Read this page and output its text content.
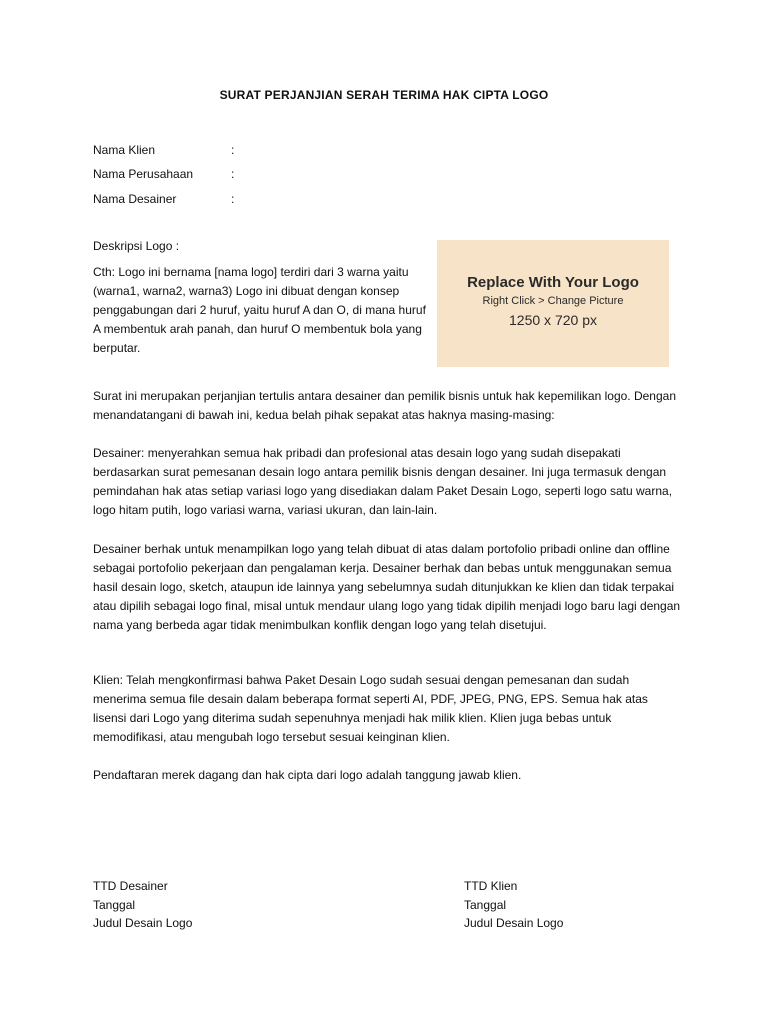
SURAT PERJANJIAN SERAH TERIMA HAK CIPTA LOGO
Nama Klien	:
Nama Perusahaan	:
Nama Desainer	:
Deskripsi Logo :
Cth: Logo ini bernama [nama logo] terdiri dari 3 warna yaitu (warna1, warna2, warna3) Logo ini dibuat dengan konsep penggabungan dari 2 huruf, yaitu huruf A dan O, di mana huruf A membentuk arah panah, dan huruf O membentuk bola yang berputar.
Replace With Your Logo
Right Click > Change Picture
1250 x 720 px

Surat ini merupakan perjanjian tertulis antara desainer dan pemilik bisnis untuk hak kepemilikan logo. Dengan menandatangani di bawah ini, kedua belah pihak sepakat atas haknya masing-masing:

Desainer: menyerahkan semua hak pribadi dan profesional atas desain logo yang sudah disepakati berdasarkan surat pemesanan desain logo antara pemilik bisnis dengan desainer. Ini juga termasuk dengan pemindahan hak atas setiap variasi logo yang disediakan dalam Paket Desain Logo, seperti logo satu warna, logo hitam putih, logo variasi warna, variasi ukuran, dan lain-lain.

Desainer berhak untuk menampilkan logo yang telah dibuat di atas dalam portofolio pribadi online dan offline sebagai portofolio pekerjaan dan pengalaman kerja. Desainer berhak dan bebas untuk menggunakan semua hasil desain logo, sketch, ataupun ide lainnya yang sebelumnya sudah ditunjukkan ke klien dan tidak terpakai atau dipilih sebagai logo final, misal untuk mendaur ulang logo yang tidak dipilih menjadi logo baru lagi dengan nama yang berbeda agar tidak menimbulkan konflik dengan logo yang telah disetujui.

Klien: Telah mengkonfirmasi bahwa Paket Desain Logo sudah sesuai dengan pemesanan dan sudah menerima semua file desain dalam beberapa format seperti AI, PDF, JPEG, PNG, EPS. Semua hak atas lisensi dari Logo yang diterima sudah sepenuhnya menjadi hak milik klien. Klien juga bebas untuk memodifikasi, atau mengubah logo tersebut sesuai keinginan klien.

Pendaftaran merek dagang dan hak cipta dari logo adalah tanggung jawab klien.

TTD Desainer
Tanggal
Judul Desain Logo
TTD Klien
Tanggal
Judul Desain Logo
